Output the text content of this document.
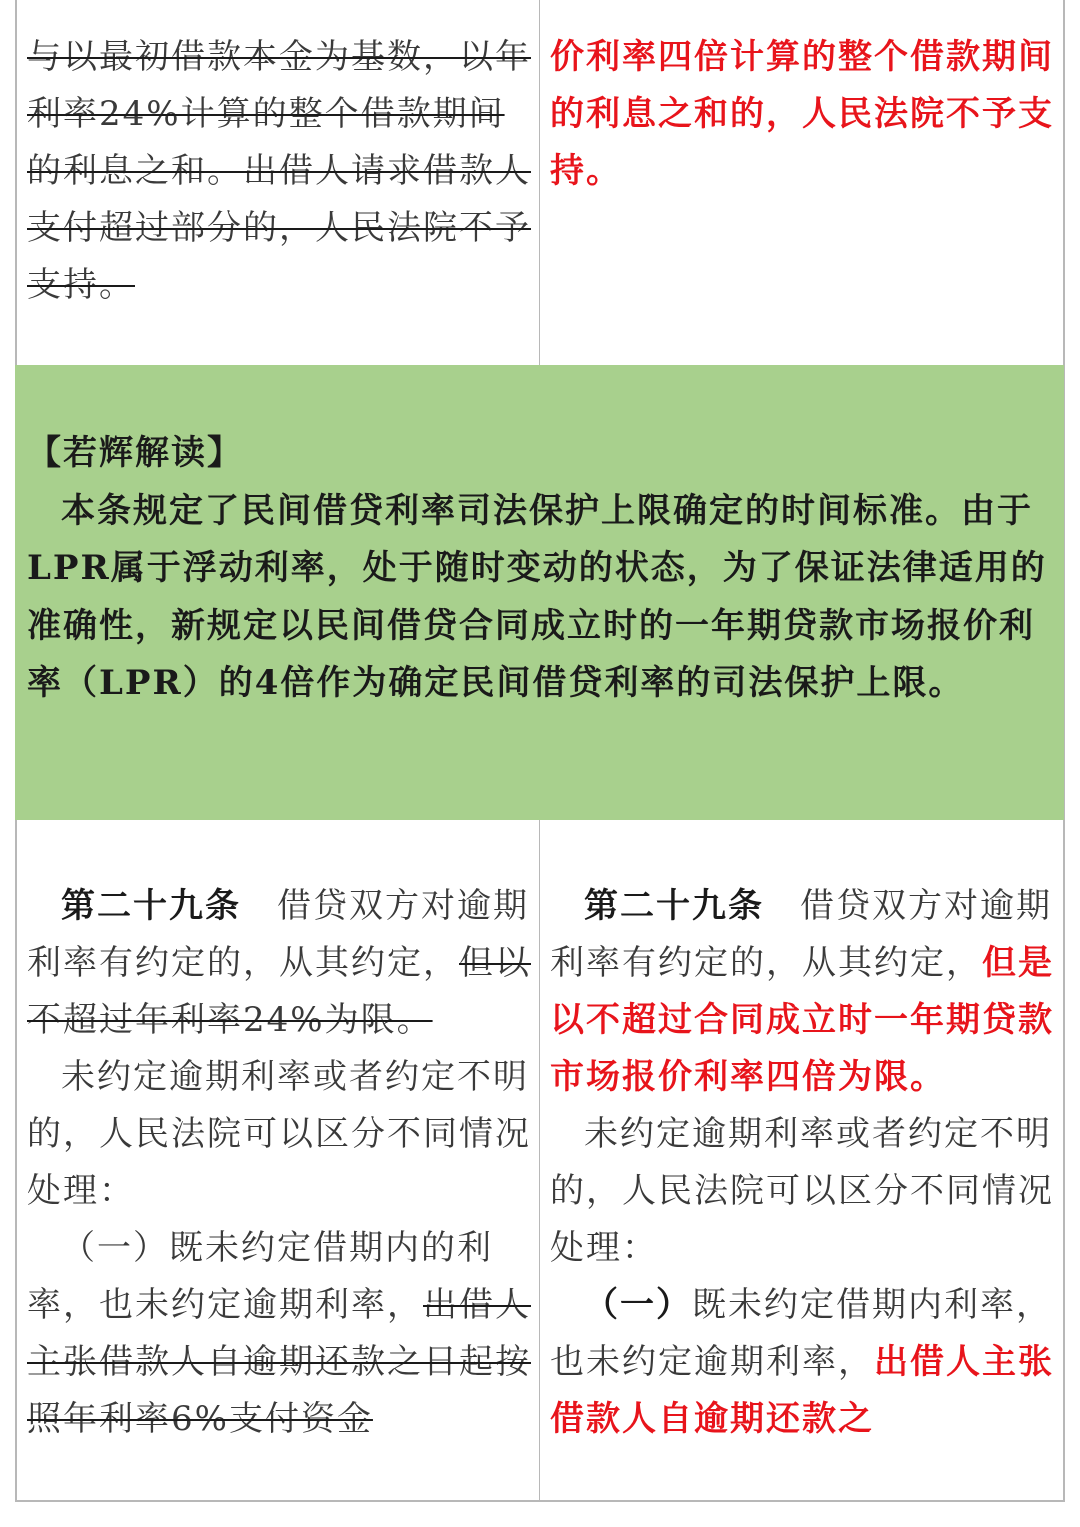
与以最初借款本金为基数，以年利率24%计算的整个借款期间的利息之和。出借人请求借款人支付超过部分的，人民法院不予支持。

价利率四倍计算的整个借款期间的利息之和的，人民法院不予支持。

【若辉解读】

本条规定了民间借贷利率司法保护上限确定的时间标准。由于LPR属于浮动利率，处于随时变动的状态，为了保证法律适用的准确性，新规定以民间借贷合同成立时的一年期贷款市场报价利率（LPR）的4倍作为确定民间借贷利率的司法保护上限。

第二十九条　 借贷双方对逾期利率有约定的，从其约定，但以不超过年利率24%为限。

未约定逾期利率或者约定不明的，人民法院可以区分不同情况处理：

（一）既未约定借期内的利率，也未约定逾期利率，出借人主张借款人自逾期还款之日起按照年利率6%支付资金

第二十九条　 借贷双方对逾期利率有约定的，从其约定，但是以不超过合同成立时一年期贷款市场报价利率四倍为限。

未约定逾期利率或者约定不明的，人民法院可以区分不同情况处理：

（一）既未约定借期内利率，也未约定逾期利率，出借人主张借款人自逾期还款之
